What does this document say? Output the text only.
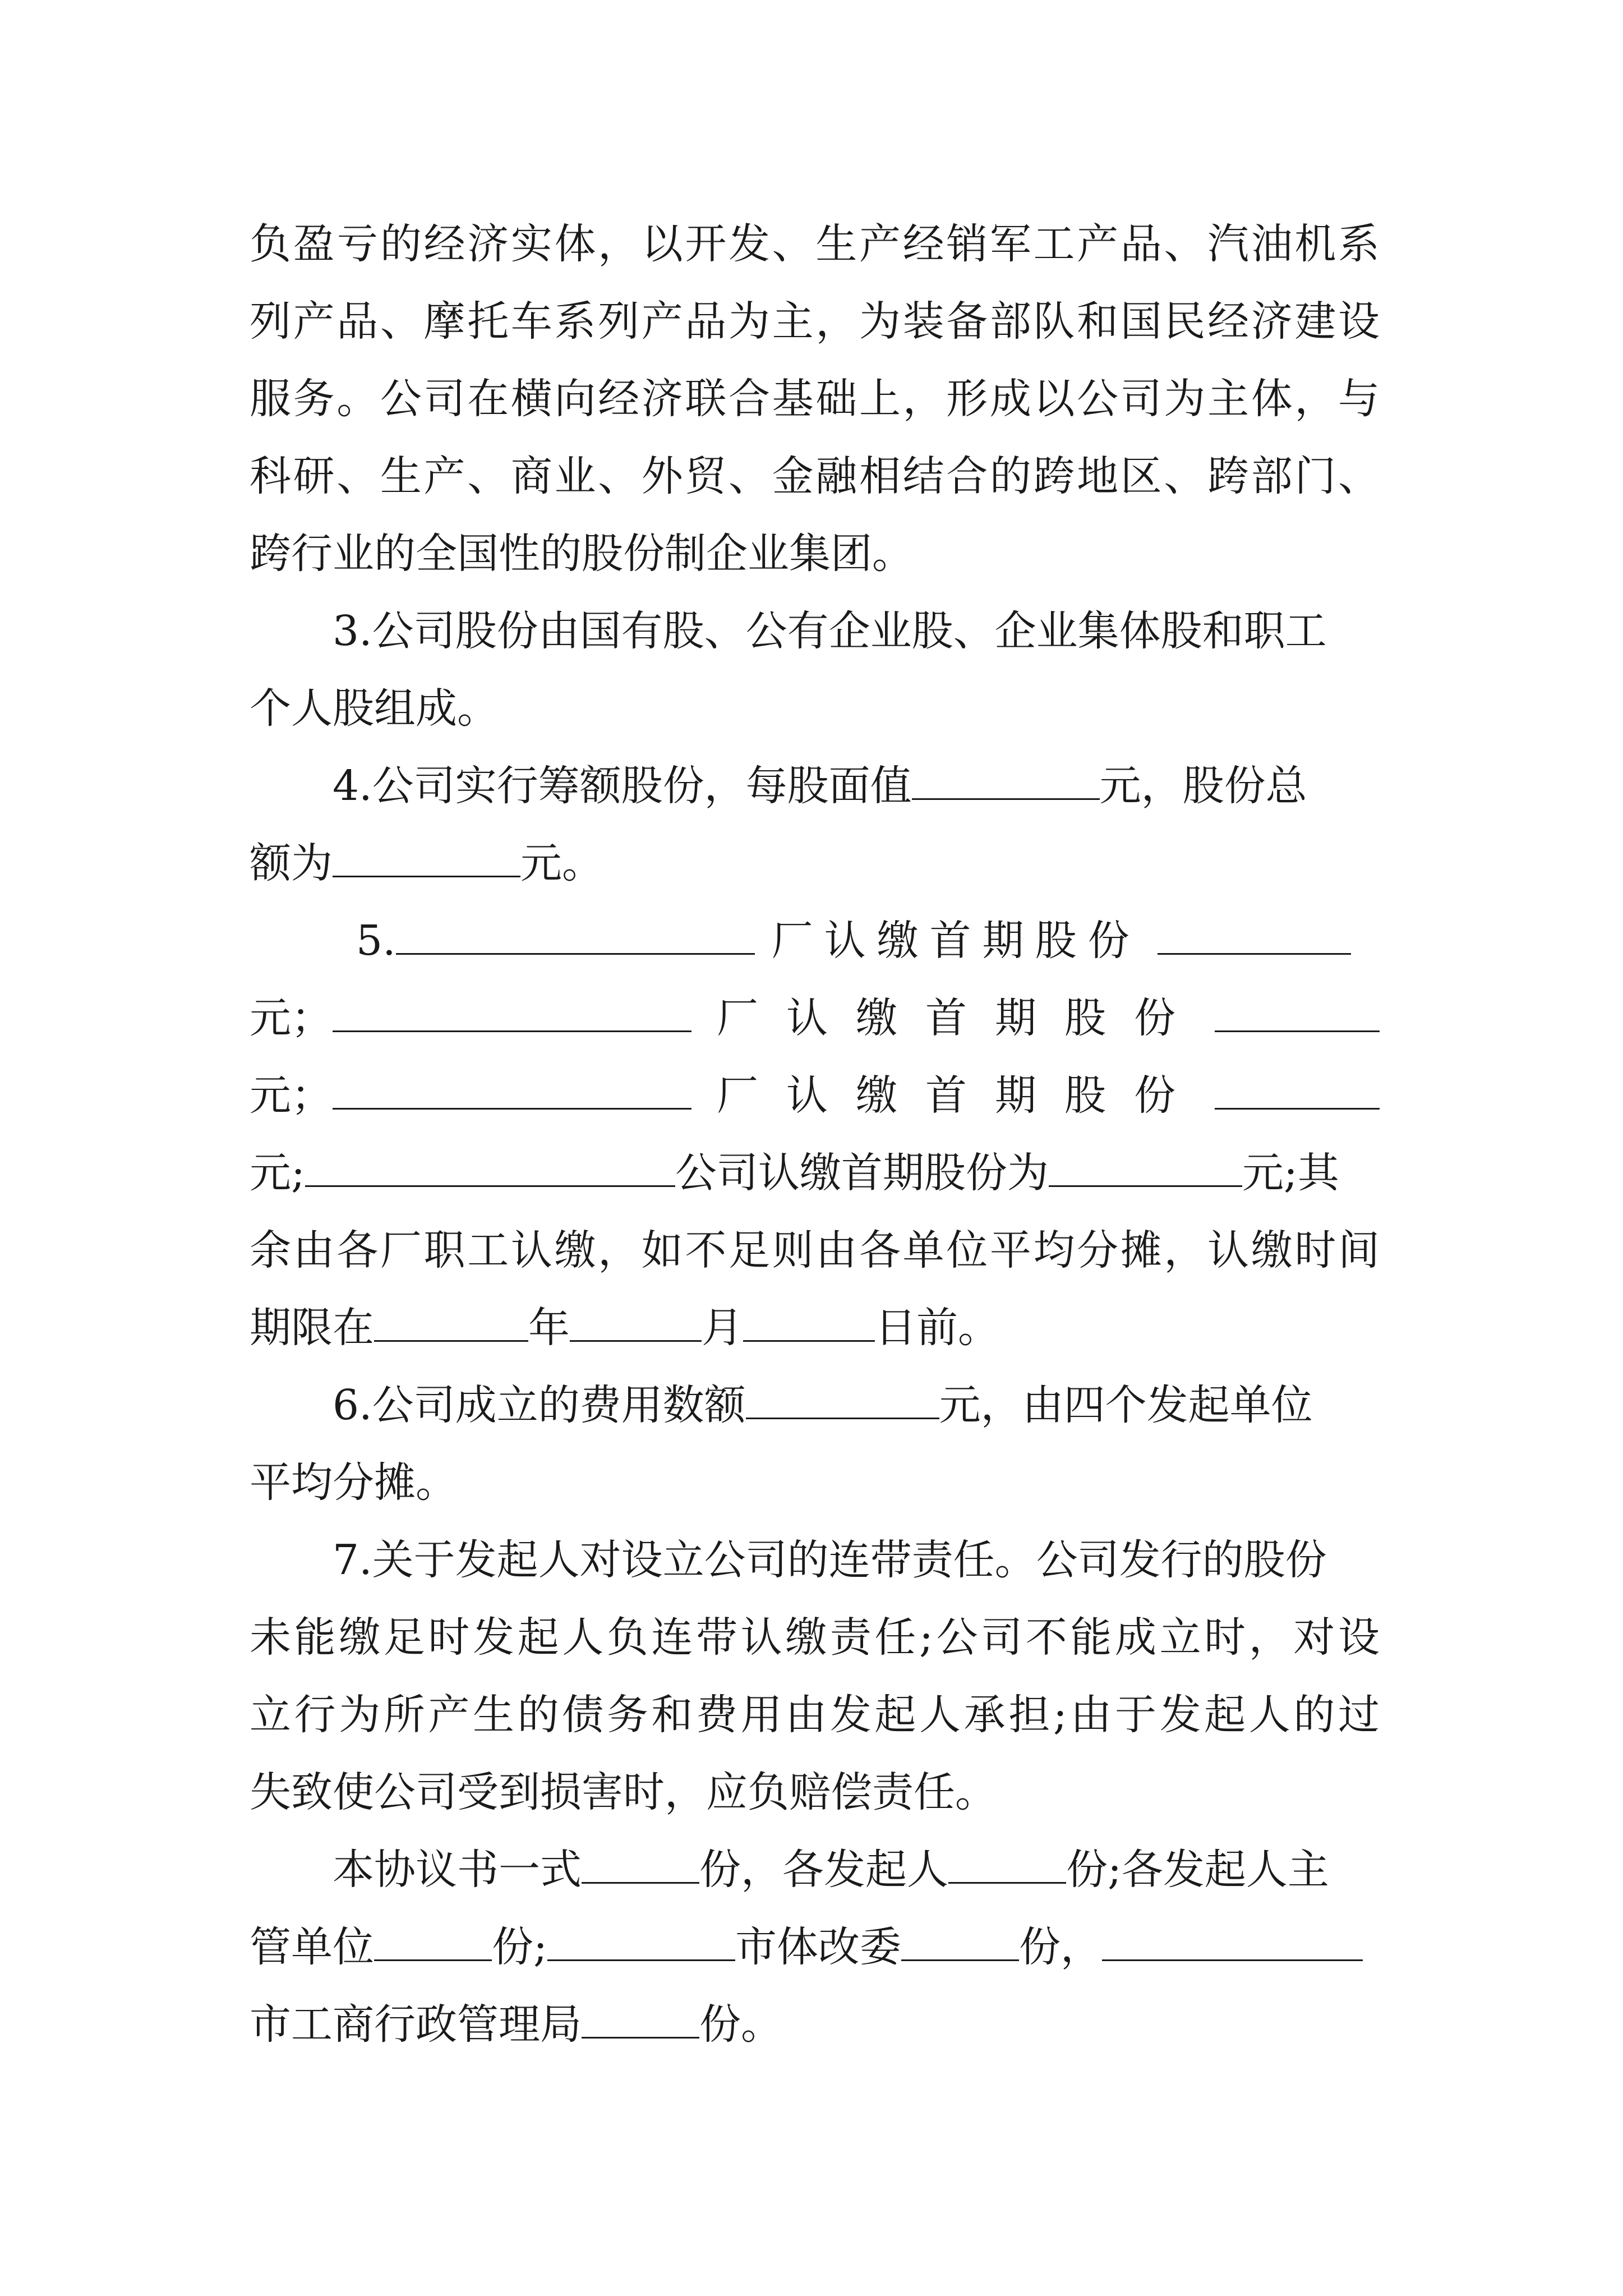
负盈亏的经济实体，以开发、生产经销军工产品、汽油机系
列产品、摩托车系列产品为主，为装备部队和国民经济建设
服务。公司在横向经济联合基础上，形成以公司为主体，与
科研、生产、商业、外贸、金融相结合的跨地区、跨部门、
跨行业的全国性的股份制企业集团。
3.公司股份由国有股、公有企业股、企业集体股和职工
个人股组成。
4.公司实行筹额股份，每股面值	元，股份总
额为	元。
5.	厂认缴首期股份
元；	厂认缴首期股份
元；	厂认缴首期股份
元;	公司认缴首期股份为	元;其
余由各厂职工认缴，如不足则由各单位平均分摊，认缴时间
期限在	年	月	日前。
6.公司成立的费用数额	元，由四个发起单位
平均分摊。
7.关于发起人对设立公司的连带责任。公司发行的股份
未能缴足时发起人负连带认缴责任;公司不能成立时，对设
立行为所产生的债务和费用由发起人承担;由于发起人的过
失致使公司受到损害时，应负赔偿责任。
本协议书一式	份，各发起人	份;各发起人主
管单位	份;	市体改委	份，
市工商行政管理局	份。
